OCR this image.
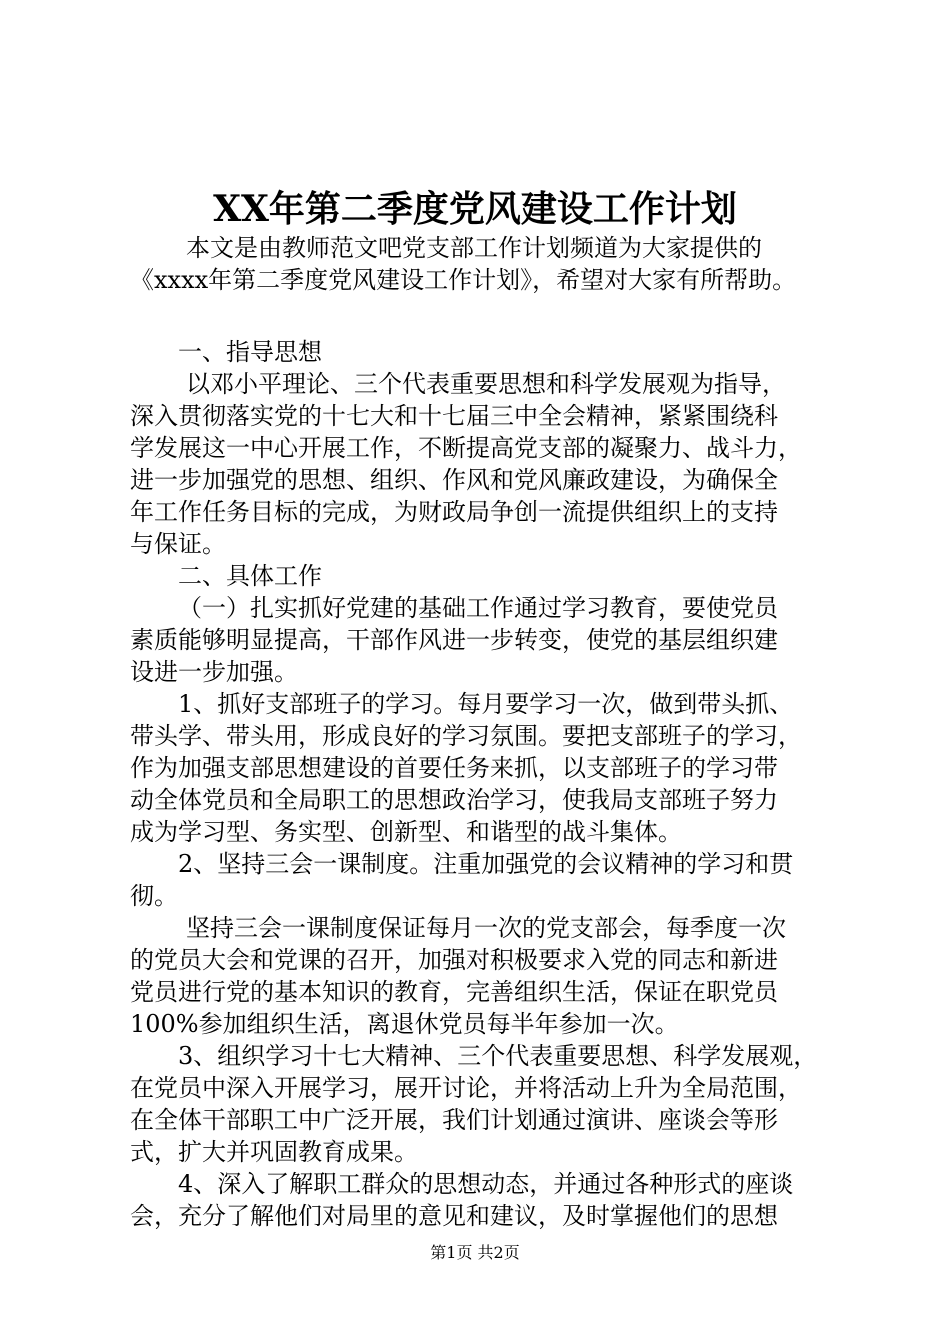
XX年第二季度党风建设工作计划
本文是由教师范文吧党支部工作计划频道为大家提供的
《xxxx年第二季度党风建设工作计划》，希望对大家有所帮助。
一、指导思想
以邓小平理论、三个代表重要思想和科学发展观为指导，
深入贯彻落实党的十七大和十七届三中全会精神，紧紧围绕科
学发展这一中心开展工作，不断提高党支部的凝聚力、战斗力，
进一步加强党的思想、组织、作风和党风廉政建设，为确保全
年工作任务目标的完成，为财政局争创一流提供组织上的支持
与保证。
二、具体工作
（一）扎实抓好党建的基础工作通过学习教育，要使党员
素质能够明显提高，干部作风进一步转变，使党的基层组织建
设进一步加强。
1、抓好支部班子的学习。每月要学习一次，做到带头抓、
带头学、带头用，形成良好的学习氛围。要把支部班子的学习，
作为加强支部思想建设的首要任务来抓，以支部班子的学习带
动全体党员和全局职工的思想政治学习，使我局支部班子努力
成为学习型、务实型、创新型、和谐型的战斗集体。
2、坚持三会一课制度。注重加强党的会议精神的学习和贯
彻。
坚持三会一课制度保证每月一次的党支部会，每季度一次
的党员大会和党课的召开，加强对积极要求入党的同志和新进
党员进行党的基本知识的教育，完善组织生活，保证在职党员
100%参加组织生活，离退休党员每半年参加一次。
3、组织学习十七大精神、三个代表重要思想、科学发展观，
在党员中深入开展学习，展开讨论，并将活动上升为全局范围，
在全体干部职工中广泛开展，我们计划通过演讲、座谈会等形
式，扩大并巩固教育成果。
4、深入了解职工群众的思想动态，并通过各种形式的座谈
会，充分了解他们对局里的意见和建议，及时掌握他们的思想
第1页 共2页
